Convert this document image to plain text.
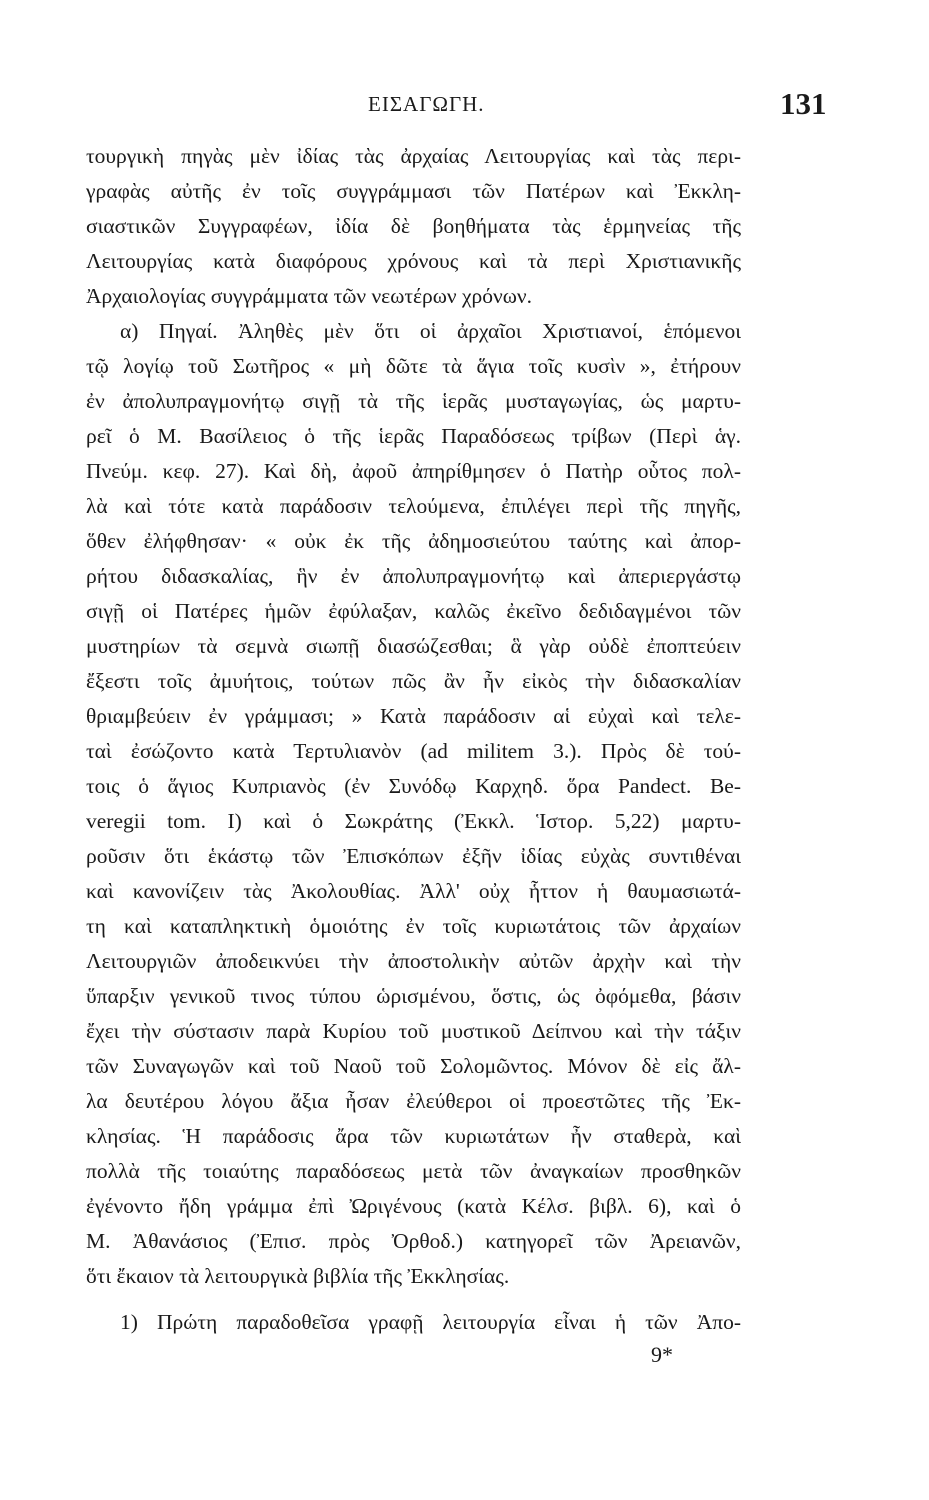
ΕΙΣΑΓΩΓΗ.	131
τουργικὴ πηγὰς μὲν ἰδίας τὰς ἀρχαίας Λειτουργίας καὶ τὰς περι-
γραφὰς αὐτῆς ἐν τοῖς συγγράμμασι τῶν Πατέρων καὶ Ἐκκλη-
σιαστικῶν Συγγραφέων, ἰδία δὲ βοηθήματα τὰς ἑρμηνείας τῆς
Λειτουργίας κατὰ διαφόρους χρόνους καὶ τὰ περὶ Χριστιανικῆς
Ἀρχαιολογίας συγγράμματα τῶν νεωτέρων χρόνων.
α) Πηγαί. Ἀληθὲς μὲν ὅτι οἱ ἀρχαῖοι Χριστιανοί, ἑπόμενοι
τῷ λογίῳ τοῦ Σωτῆρος « μὴ δῶτε τὰ ἅγια τοῖς κυσὶν », ἐτήρουν
ἐν ἀπολυπραγμονήτῳ σιγῇ τὰ τῆς ἱερᾶς μυσταγωγίας, ὡς μαρτυ-
ρεῖ ὁ Μ. Βασίλειος ὁ τῆς ἱερᾶς Παραδόσεως τρίβων (Περὶ ἁγ.
Πνεύμ. κεφ. 27). Καὶ δὴ, ἀφοῦ ἀπηρίθμησεν ὁ Πατὴρ οὗτος πολ-
λὰ καὶ τότε κατὰ παράδοσιν τελούμενα, ἐπιλέγει περὶ τῆς πηγῆς,
ὅθεν ἐλήφθησαν· « οὐκ ἐκ τῆς ἀδημοσιεύτου ταύτης καὶ ἀπορ-
ρήτου διδασκαλίας, ἣν ἐν ἀπολυπραγμονήτῳ καὶ ἀπεριεργάστῳ
σιγῇ οἱ Πατέρες ἡμῶν ἐφύλαξαν, καλῶς ἐκεῖνο δεδιδαγμένοι τῶν
μυστηρίων τὰ σεμνὰ σιωπῇ διασώζεσθαι; ἃ γὰρ οὐδὲ ἐποπτεύειν
ἔξεστι τοῖς ἀμυήτοις, τούτων πῶς ἂν ἦν εἰκὸς τὴν διδασκαλίαν
θριαμβεύειν ἐν γράμμασι; » Κατὰ παράδοσιν αἱ εὐχαὶ καὶ τελε-
ταὶ ἐσώζοντο κατὰ Τερτυλιανὸν (ad militem 3.). Πρὸς δὲ τού-
τοις ὁ ἅγιος Κυπριανὸς (ἐν Συνόδῳ Καρχηδ. ὅρα Pandect. Be-
veregii tom. I) καὶ ὁ Σωκράτης (Ἐκκλ. Ἱστορ. 5,22) μαρτυ-
ροῦσιν ὅτι ἑκάστῳ τῶν Ἐπισκόπων ἐξῆν ἰδίας εὐχὰς συντιθέναι
καὶ κανονίζειν τὰς Ἀκολουθίας. Ἀλλ' οὐχ ἧττον ἡ θαυμασιωτά-
τη καὶ καταπληκτικὴ ὁμοιότης ἐν τοῖς κυριωτάτοις τῶν ἀρχαίων
Λειτουργιῶν ἀποδεικνύει τὴν ἀποστολικὴν αὐτῶν ἀρχὴν καὶ τὴν
ὕπαρξιν γενικοῦ τινος τύπου ὡρισμένου, ὅστις, ὡς ὀφόμεθα, βάσιν
ἔχει τὴν σύστασιν παρὰ Κυρίου τοῦ μυστικοῦ Δείπνου καὶ τὴν τάξιν
τῶν Συναγωγῶν καὶ τοῦ Ναοῦ τοῦ Σολομῶντος. Μόνον δὲ εἰς ἄλ-
λα δευτέρου λόγου ἄξια ἦσαν ἐλεύθεροι οἱ προεστῶτες τῆς Ἐκ-
κλησίας. Ἡ παράδοσις ἄρα τῶν κυριωτάτων ἦν σταθερὰ, καὶ
πολλὰ τῆς τοιαύτης παραδόσεως μετὰ τῶν ἀναγκαίων προσθηκῶν
ἐγένοντο ἤδη γράμμα ἐπὶ Ὠριγένους (κατὰ Κέλσ. βιβλ. 6), καὶ ὁ
Μ. Ἀθανάσιος (Ἐπισ. πρὸς Ὀρθοδ.) κατηγορεῖ τῶν Ἀρειανῶν,
ὅτι ἔκαιον τὰ λειτουργικὰ βιβλία τῆς Ἐκκλησίας.
1) Πρώτη παραδοθεῖσα γραφῇ λειτουργία εἶναι ἡ τῶν Ἀπο-
9*
